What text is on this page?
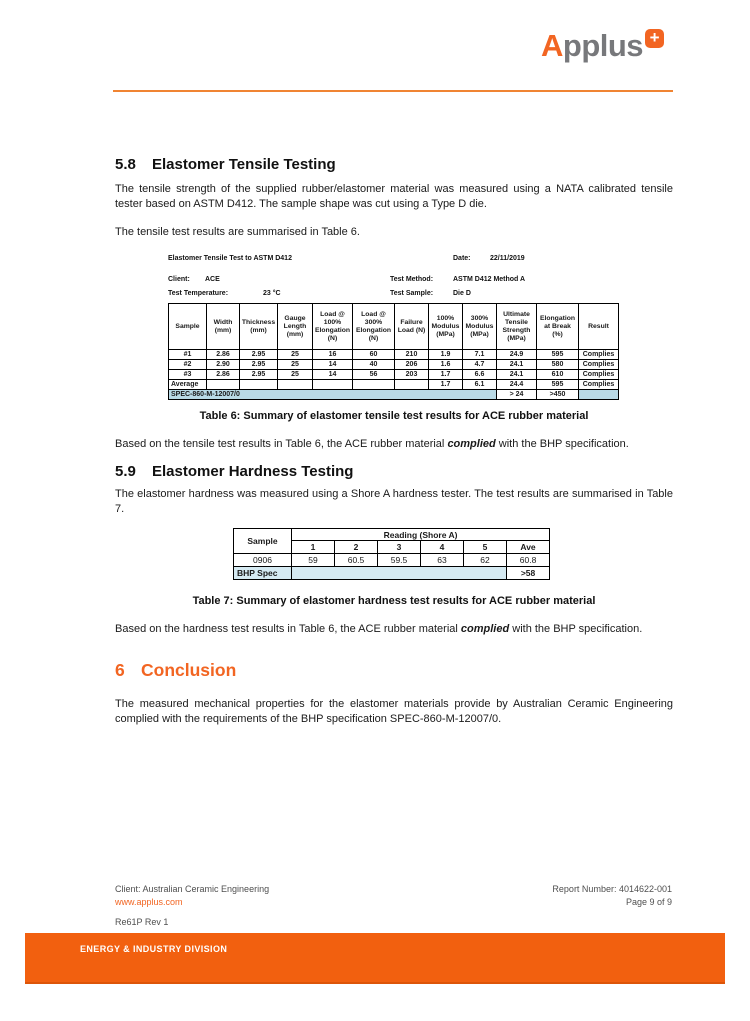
Applus +
5.8	Elastomer Tensile Testing

The tensile strength of the supplied rubber/elastomer material was measured using a NATA calibrated tensile tester based on ASTM D412. The sample shape was cut using a Type D die.

The tensile test results are summarised in Table 6.

Elastomer Tensile Test to ASTM D412	Date:	22/11/2019
Client: ACE	Test Method:	ASTM D412 Method A
Test Temperature:	23 °C	Test Sample:	Die D
Sample	Width (mm)	Thickness (mm)	Gauge Length (mm)	Load @ 100% Elongation (N)	Load @ 300% Elongation (N)	Failure Load (N)	100% Modulus (MPa)	300% Modulus (MPa)	Ultimate Tensile Strength (MPa)	Elongation at Break (%)	Result
#1	2.86	2.95	25	16	60	210	1.9	7.1	24.9	595	Complies
#2	2.90	2.95	25	14	40	206	1.6	4.7	24.1	580	Complies
#3	2.86	2.95	25	14	56	203	1.7	6.6	24.1	610	Complies
Average							1.7	6.1	24.4	595	Complies
SPEC-860-M-12007/0									> 24	>450	
Table 6: Summary of elastomer tensile test results for ACE rubber material

Based on the tensile test results in Table 6, the ACE rubber material complied with the BHP specification.

5.9	Elastomer Hardness Testing

The elastomer hardness was measured using a Shore A hardness tester. The test results are summarised in Table 7.

Sample	Reading (Shore A)					
	1	2	3	4	5	Ave
0906	59	60.5	59.5	63	62	60.8
BHP Spec						>58
Table 7: Summary of elastomer hardness test results for ACE rubber material

Based on the hardness test results in Table 6, the ACE rubber material complied with the BHP specification.

6 Conclusion

The measured mechanical properties for the elastomer materials provide by Australian Ceramic Engineering complied with the requirements of the BHP specification SPEC-860-M-12007/0.

Client: Australian Ceramic Engineering
www.applus.com
Report Number: 4014622-001
Page 9 of 9
Re61P Rev 1
ENERGY & INDUSTRY DIVISION
